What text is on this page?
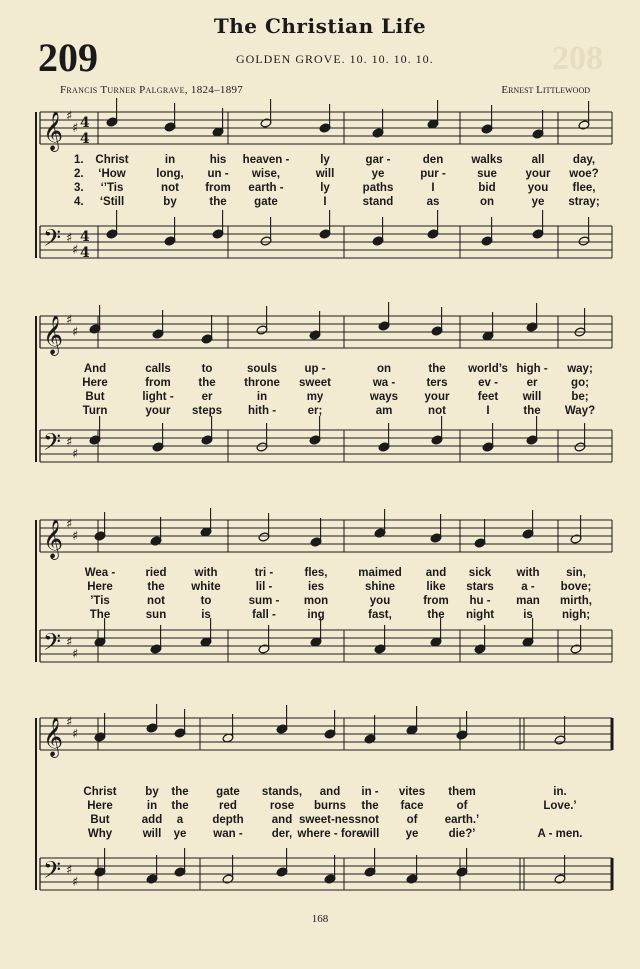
208
The Christian Life
209	GOLDEN GROVE. 10. 10. 10. 10.
Francis Turner Palgrave, 1824–1897	Ernest Littlewood
𝄞
𝄢
♯
♯
♯
♯
4
4
4
4
𝄞
𝄢
♯
♯
♯
♯
𝄞
𝄢
♯
♯
♯
♯
𝄞
𝄢
♯
♯
♯
♯
1. Christ	in	his heaven -	ly	gar -	den walks	all day,
2. ‘How	long, un - wise,	will	ye	pur -	sue your woe?
3. ‘’Tis	not from earth -	ly	paths	I	bid	you flee,
4. ‘Still	by	the gate	I	stand	as	on	ye stray;
And	calls	to	souls up -	on	the world’s high - way;
Here	from the throne sweet	wa -	ters	ev - er	go;
But	light - er	in	my	ways your feet will	be;
Turn	your steps hith -	er;	am	not	I	the Way?
Wea -	ried with	tri -	fles,	maimed and sick with sin,
Here	the white	lil -	ies	shine	like stars a - bove;
’Tis	not	to	sum - mon	you	from hu - man mirth,
The	sun	is	fall -	ing	fast,	the night	is	nigh;
Christ by the gate stands, and in - vites them	in.
Here	in the	red	rose burns the face	of	Love.’
But	add a	depth and sweet-ness not of earth.’
Why	will ye wan -	der, where - fore
will ye	die?’	A - men.
168
